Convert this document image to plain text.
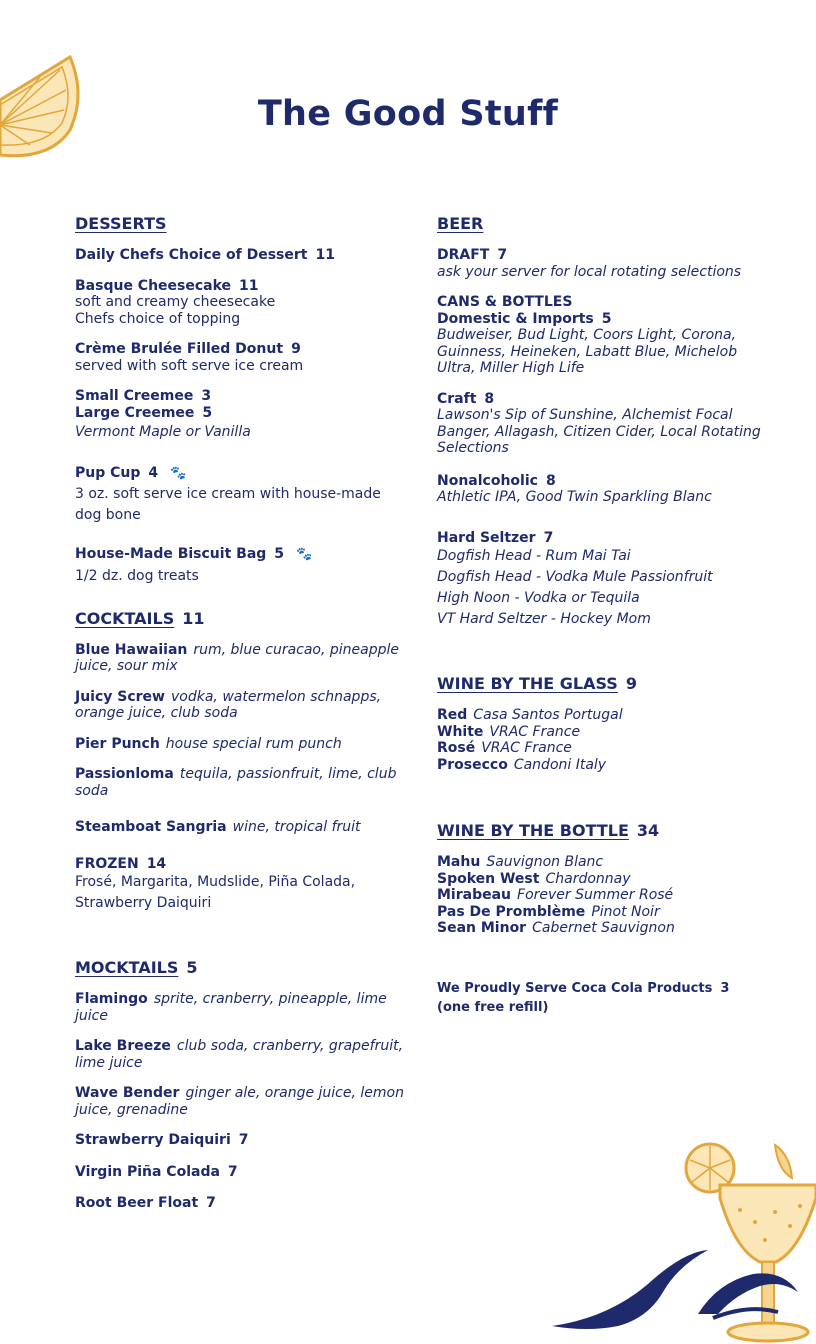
The Good Stuff
DESSERTS
Daily Chefs Choice of Dessert 11
Basque Cheesecake 11
soft and creamy cheesecake
Chefs choice of topping
Crème Brulée Filled Donut 9
served with soft serve ice cream
Small Creemee 3
Large Creemee 5
Vermont Maple or Vanilla
Pup Cup 4 🐾
3 oz. soft serve ice cream with house-made dog bone
House-Made Biscuit Bag 5 🐾
1/2 dz. dog treats
COCKTAILS 11
Blue Hawaiian rum, blue curacao, pineapple juice, sour mix
Juicy Screw vodka, watermelon schnapps, orange juice, club soda
Pier Punch house special rum punch
Passionloma tequila, passionfruit, lime, club soda
Steamboat Sangria wine, tropical fruit
FROZEN 14
Frosé, Margarita, Mudslide, Piña Colada, Strawberry Daiquiri
MOCKTAILS 5
Flamingo sprite, cranberry, pineapple, lime juice
Lake Breeze club soda, cranberry, grapefruit, lime juice
Wave Bender ginger ale, orange juice, lemon juice, grenadine
Strawberry Daiquiri 7
Virgin Piña Colada 7
Root Beer Float 7
BEER
DRAFT 7
ask your server for local rotating selections
CANS & BOTTLES
Domestic & Imports 5
Budweiser, Bud Light, Coors Light, Corona, Guinness, Heineken, Labatt Blue, Michelob Ultra, Miller High Life
Craft 8
Lawson's Sip of Sunshine, Alchemist Focal Banger, Allagash, Citizen Cider, Local Rotating Selections
Nonalcoholic 8
Athletic IPA, Good Twin Sparkling Blanc
Hard Seltzer 7
Dogfish Head - Rum Mai Tai
Dogfish Head - Vodka Mule Passionfruit
High Noon - Vodka or Tequila
VT Hard Seltzer - Hockey Mom
WINE BY THE GLASS 9
Red Casa Santos Portugal
White VRAC France
Rosé VRAC France
Prosecco Candoni Italy
WINE BY THE BOTTLE 34
Mahu Sauvignon Blanc
Spoken West Chardonnay
Mirabeau Forever Summer Rosé
Pas De Promblème Pinot Noir
Sean Minor Cabernet Sauvignon
We Proudly Serve Coca Cola Products 3
(one free refill)
